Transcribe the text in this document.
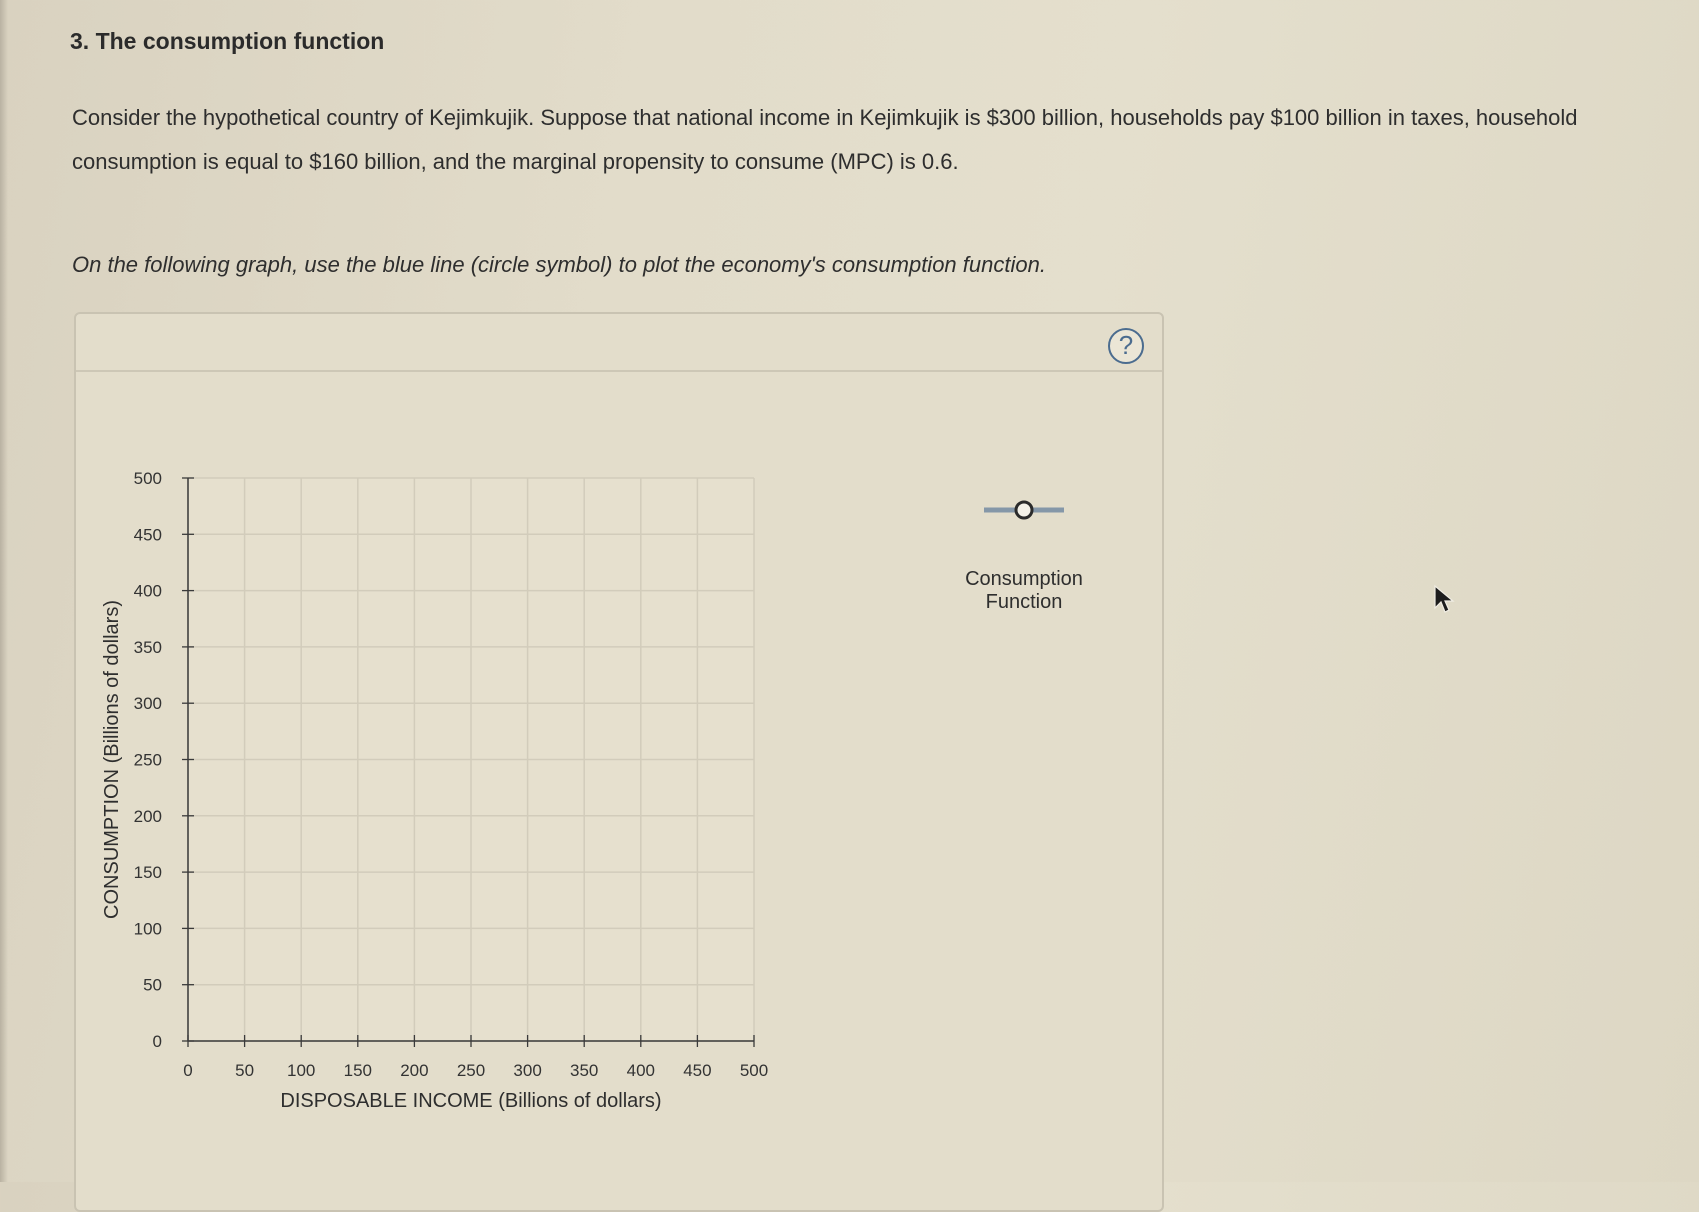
3. The consumption function

Consider the hypothetical country of Kejimkujik. Suppose that national income in Kejimkujik is $300 billion, households pay $100 billion in taxes, household consumption is equal to $160 billion, and the marginal propensity to consume (MPC) is 0.6.

On the following graph, use the blue line (circle symbol) to plot the economy's consumption function.

?
0 50 100 150 200 250 300 350 400 450 500
0
50
100
150
200
250
300
350
400
450
500
DISPOSABLE INCOME (Billions of dollars)
CONSUMPTION (Billions of dollars)
Consumption Function
